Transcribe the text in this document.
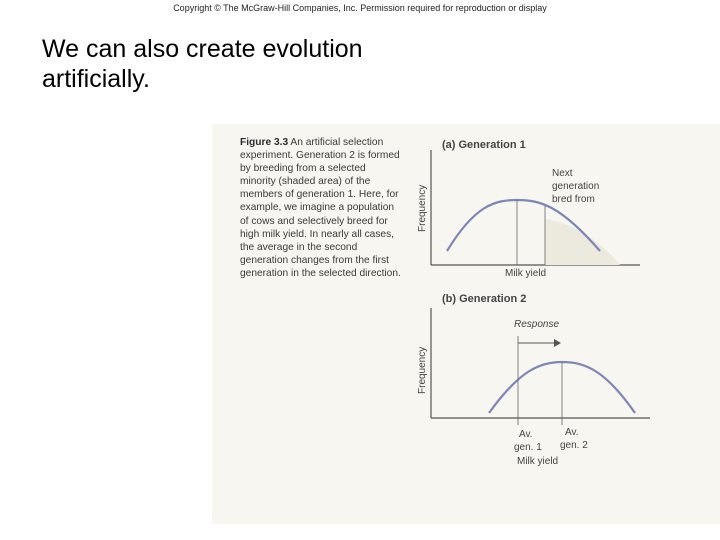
Copyright © The McGraw-Hill Companies, Inc. Permission required for reproduction or display
We can also create evolution artificially.
Figure 3.3 An artificial selection experiment. Generation 2 is formed by breeding from a selected minority (shaded area) of the members of generation 1. Here, for example, we imagine a population of cows and selectively breed for high milk yield. In nearly all cases, the average in the second generation changes from the first generation in the selected direction.
(a) Generation 1
Frequency
Milk yield
Next generation bred from
(b) Generation 2
Frequency
Response
Av. gen. 1
Av. gen. 2
Milk yield
